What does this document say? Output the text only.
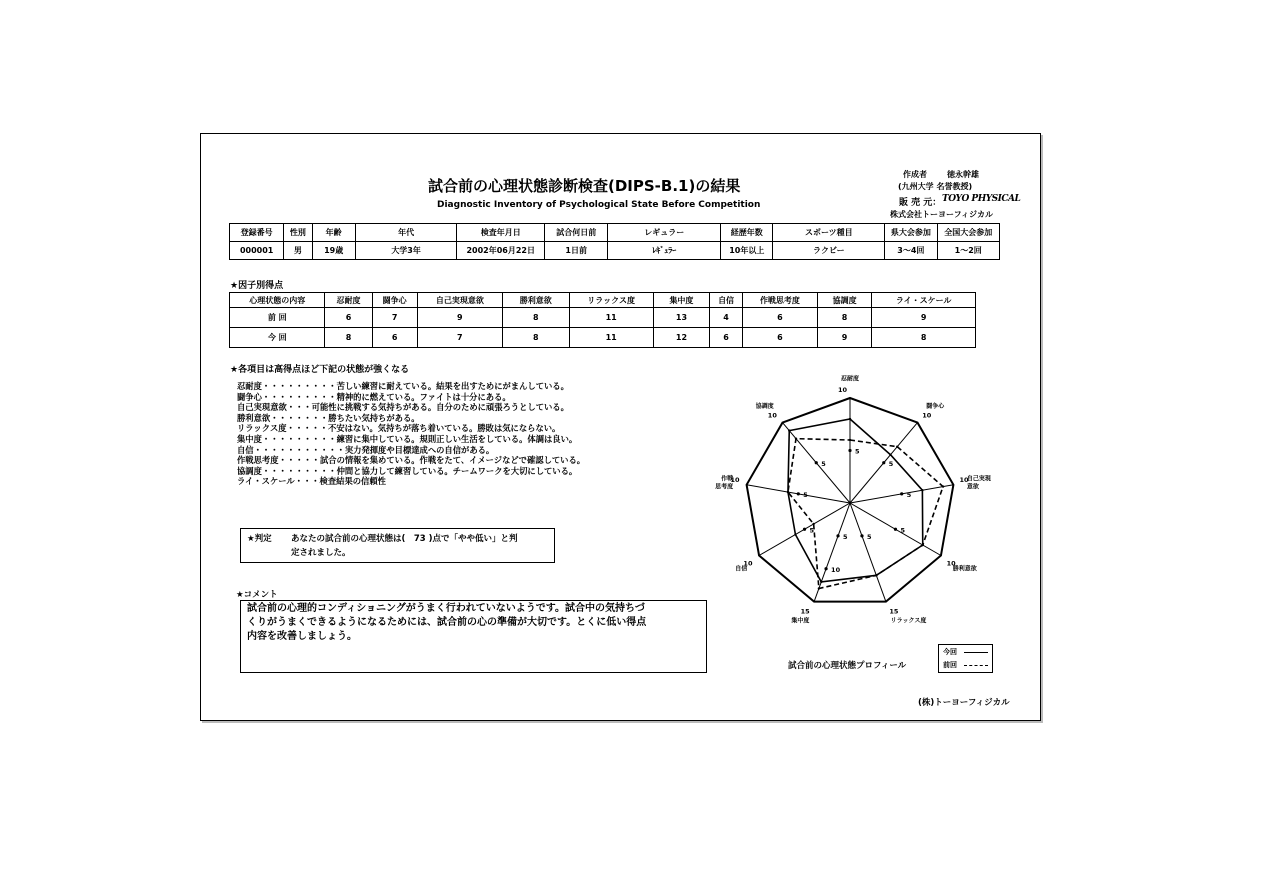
試合前の心理状態診断検査(DIPS-B.1)の結果
Diagnostic Inventory of Psychological State Before Competition
作成者	徳永幹雄
(九州大学 名誉教授)
販 売 元： TOYO PHYSICAL
株式会社トーヨーフィジカル
登録番号	性別	年齢	年代	検査年月日	試合何日前	レギュラー	経歴年数	スポーツ種目	県大会参加	全国大会参加
000001	男	19歳	大学3年	2002年06月22日	1日前	ﾚｷﾞｭﾗｰ	10年以上	ラクビー	3～4回	1～2回
★因子別得点
心理状態の内容	忍耐度	闘争心	自己実現意欲	勝利意欲	リラックス度	集中度	自信	作戦思考度	協調度	ライ・スケール
前 回	6	7	9	8	11	13	4	6	8	9
今 回	8	6	7	8	11	12	6	6	9	8
★各項目は高得点ほど下記の状態が強くなる
忍耐度・・・・・・・・・苦しい練習に耐えている。結果を出すためにがまんしている。
闘争心・・・・・・・・・精神的に燃えている。ファイトは十分にある。
自己実現意欲・・・可能性に挑戦する気持ちがある。自分のために頑張ろうとしている。
勝利意欲・・・・・・・勝ちたい気持ちがある。
リラックス度・・・・・不安はない。気持ちが落ち着いている。勝敗は気にならない。
集中度・・・・・・・・・練習に集中している。規則正しい生活をしている。体調は良い。
自信・・・・・・・・・・・実力発揮度や目標達成への自信がある。
作戦思考度・・・・・試合の情報を集めている。作戦をたて、イメージなどで確認している。
協調度・・・・・・・・・仲間と協力して練習している。チームワークを大切にしている。
ライ・スケール・・・検査結果の信頼性
★判定 あなたの試合前の心理状態は(　73 )点で「やや低い」と判
定されました。
★コメント
試合前の心理的コンディショニングがうまく行われていないようです。試合中の気持ちづ
くりがうまくできるようになるためには、試合前の心の準備が大切です。とくに低い得点
内容を改善しましょう。
5
10
忍耐度
5
10
闘争心
5
10
自己実現
意欲
5
10
勝利意欲
5
15
リラックス度
5
15
集中度
5
10
自信
5
10
作戦
思考度
5
10
協調度
10
試合前の心理状態プロフィール
今回
前回
(株)トーヨーフィジカル
